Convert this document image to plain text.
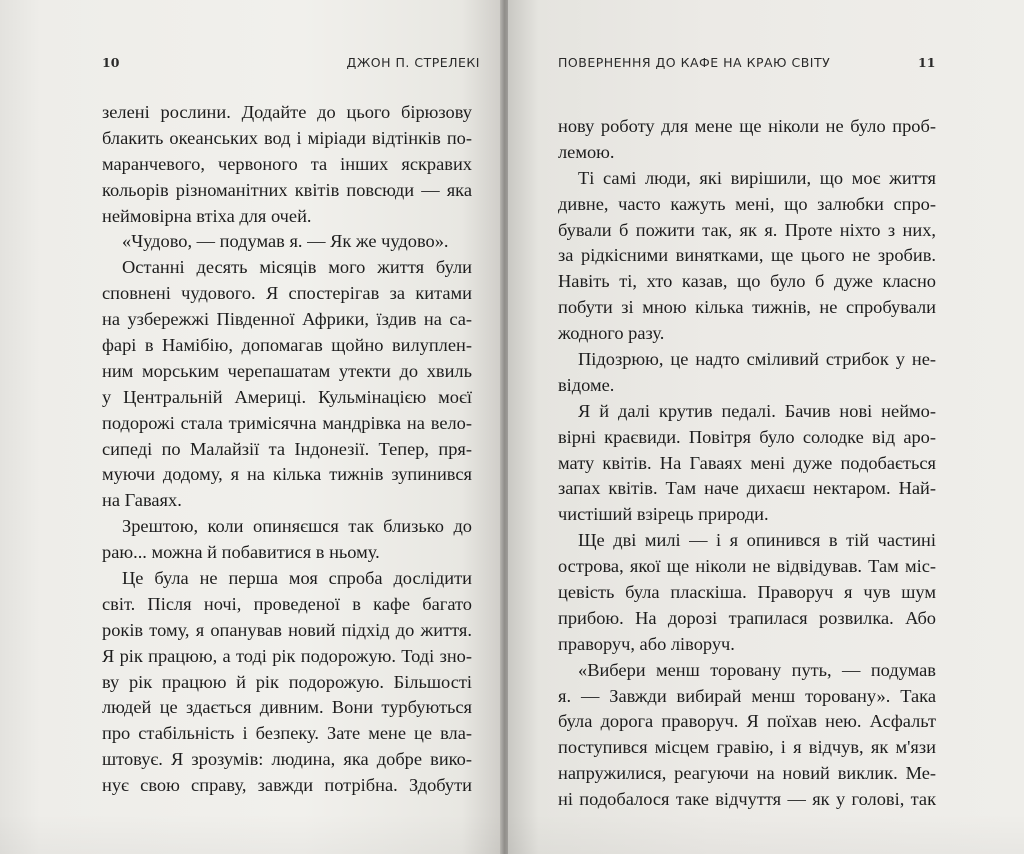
10	ДЖОН П. СТРЕЛЕКІ
зелені рослини. Додайте до цього бірюзову
блакить океанських вод і міріади відтінків по-
маранчевого, червоного та інших яскравих
кольорів різноманітних квітів повсюди — яка
неймовірна втіха для очей.
«Чудово, — подумав я. — Як же чудово».
Останні десять місяців мого життя були
сповнені чудового. Я спостерігав за китами
на узбережжі Південної Африки, їздив на са-
фарі в Намібію, допомагав щойно вилуплен-
ним морським черепашатам утекти до хвиль
у Центральній Америці. Кульмінацією моєї
подорожі стала тримісячна мандрівка на вело-
сипеді по Малайзії та Індонезії. Тепер, пря-
муючи додому, я на кілька тижнів зупинився
на Гаваях.
Зрештою, коли опиняєшся так близько до
раю... можна й побавитися в ньому.
Це була не перша моя спроба дослідити
світ. Після ночі, проведеної в кафе багато
років тому, я опанував новий підхід до життя.
Я рік працюю, а тоді рік подорожую. Тоді зно-
ву рік працюю й рік подорожую. Більшості
людей це здається дивним. Вони турбуються
про стабільність і безпеку. Зате мене це вла-
штовує. Я зрозумів: людина, яка добре вико-
нує свою справу, завжди потрібна. Здобути
ПОВЕРНЕННЯ ДО КАФЕ НА КРАЮ СВІТУ	11
нову роботу для мене ще ніколи не було проб-
лемою.
Ті самі люди, які вирішили, що моє життя
дивне, часто кажуть мені, що залюбки спро-
бували б пожити так, як я. Проте ніхто з них,
за рідкісними винятками, ще цього не зробив.
Навіть ті, хто казав, що було б дуже класно
побути зі мною кілька тижнів, не спробували
жодного разу.
Підозрюю, це надто сміливий стрибок у не-
відоме.
Я й далі крутив педалі. Бачив нові неймо-
вірні краєвиди. Повітря було солодке від аро-
мату квітів. На Гаваях мені дуже подобається
запах квітів. Там наче дихаєш нектаром. Най-
чистіший взірець природи.
Ще дві милі — і я опинився в тій частині
острова, якої ще ніколи не відвідував. Там міс-
цевість була пласкіша. Праворуч я чув шум
прибою. На дорозі трапилася розвилка. Або
праворуч, або ліворуч.
«Вибери менш торовану путь, — подумав
я. — Завжди вибирай менш торовану». Така
була дорога праворуч. Я поїхав нею. Асфальт
поступився місцем гравію, і я відчув, як м'язи
напружилися, реагуючи на новий виклик. Ме-
ні подобалося таке відчуття — як у голові, так
